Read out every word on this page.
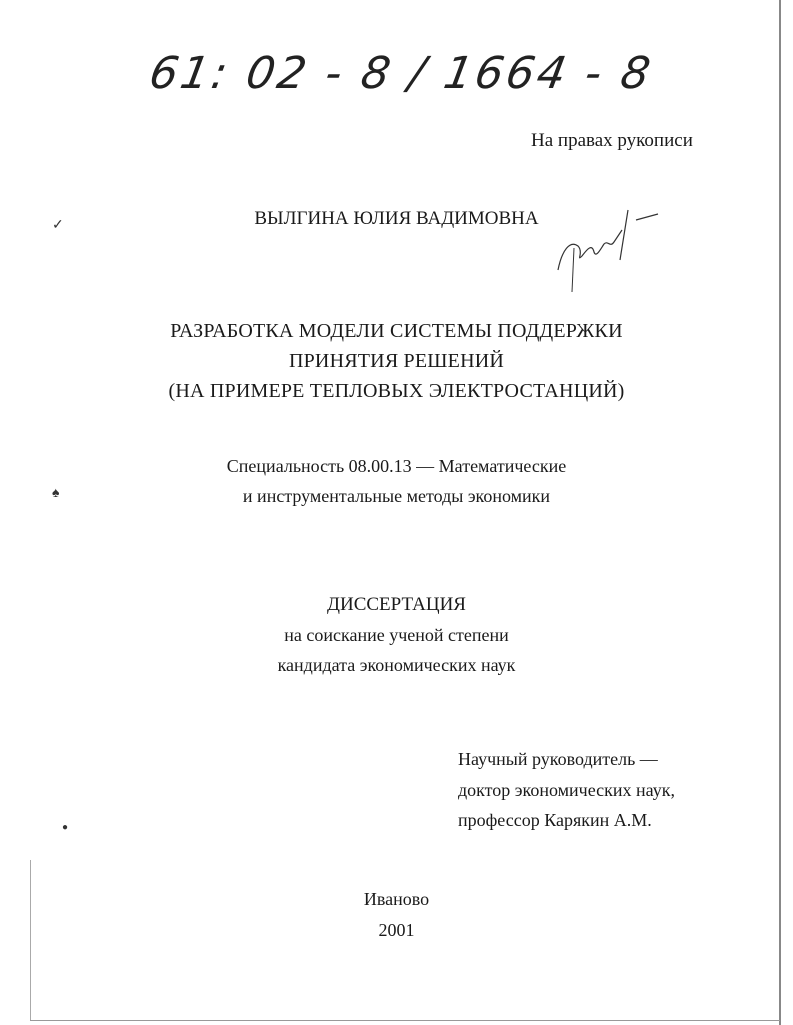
✓
♠
●
61: 02 - 8 / 1664 - 8
На правах рукописи
ВЫЛГИНА ЮЛИЯ ВАДИМОВНА
РАЗРАБОТКА МОДЕЛИ СИСТЕМЫ ПОДДЕРЖКИ
ПРИНЯТИЯ РЕШЕНИЙ
(НА ПРИМЕРЕ ТЕПЛОВЫХ ЭЛЕКТРОСТАНЦИЙ)
Специальность 08.00.13 — Математические
и инструментальные методы экономики
ДИССЕРТАЦИЯ
на соискание ученой степени
кандидата экономических наук
Научный руководитель —
доктор экономических наук,
профессор Карякин А.М.
Иваново
2001
